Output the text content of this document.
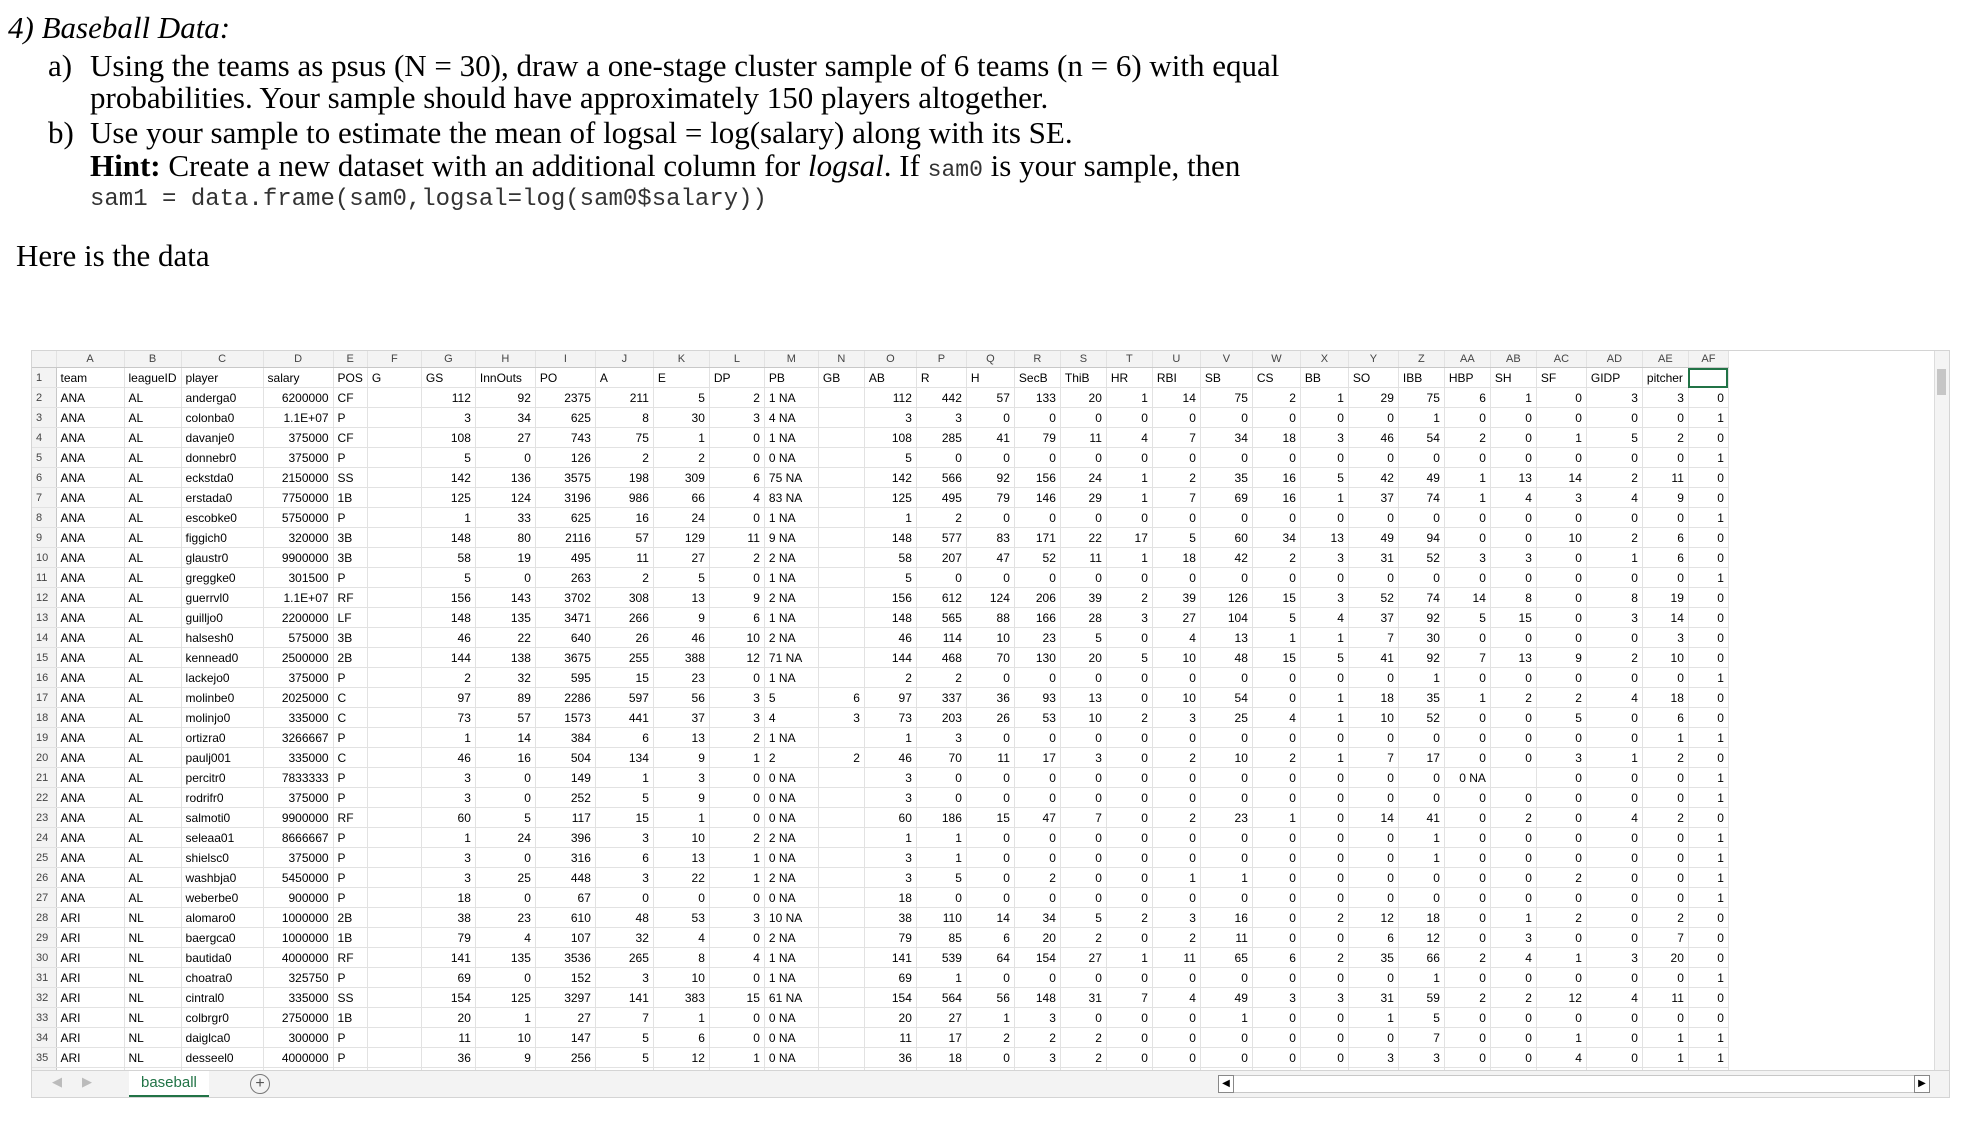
4) Baseball Data:
a) Using the teams as psus (N = 30), draw a one-stage cluster sample of 6 teams (n = 6) with equal
probabilities. Your sample should have approximately 150 players altogether.
b) Use your sample to estimate the mean of logsal = log(salary) along with its SE.
Hint: Create a new dataset with an additional column for logsal. If sam0 is your sample, then
sam1 = data.frame(sam0,logsal=log(sam0$salary))
Here is the data
	A	B	C	D	E	F	G	H	I	J	K	L	M	N	O	P	Q	R	S	T	U	V	W	X	Y	Z	AA	AB	AC	AD	AE	AF
1	team	leagueID	player	salary	POS	G	GS	InnOuts	PO	A	E	DP	PB	GB	AB	R	H	SecB	ThiB	HR	RBI	SB	CS	BB	SO	IBB	HBP	SH	SF	GIDP	pitcher	
2	ANA	AL	anderga0	6200000	CF		112	92	2375	211	5	2	1 NA		112	442	57	133	20	1	14	75	2	1	29	75	6	1	0	3	3	0
3	ANA	AL	colonba0	1.1E+07	P		3	34	625	8	30	3	4 NA		3	3	0	0	0	0	0	0	0	0	0	1	0	0	0	0	0	1
4	ANA	AL	davanje0	375000	CF		108	27	743	75	1	0	1 NA		108	285	41	79	11	4	7	34	18	3	46	54	2	0	1	5	2	0
5	ANA	AL	donnebr0	375000	P		5	0	126	2	2	0	0 NA		5	0	0	0	0	0	0	0	0	0	0	0	0	0	0	0	0	1
6	ANA	AL	eckstda0	2150000	SS		142	136	3575	198	309	6	75 NA		142	566	92	156	24	1	2	35	16	5	42	49	1	13	14	2	11	0
7	ANA	AL	erstada0	7750000	1B		125	124	3196	986	66	4	83 NA		125	495	79	146	29	1	7	69	16	1	37	74	1	4	3	4	9	0
8	ANA	AL	escobke0	5750000	P		1	33	625	16	24	0	1 NA		1	2	0	0	0	0	0	0	0	0	0	0	0	0	0	0	0	1
9	ANA	AL	figgich0	320000	3B		148	80	2116	57	129	11	9 NA		148	577	83	171	22	17	5	60	34	13	49	94	0	0	10	2	6	0
10	ANA	AL	glaustr0	9900000	3B		58	19	495	11	27	2	2 NA		58	207	47	52	11	1	18	42	2	3	31	52	3	3	0	1	6	0
11	ANA	AL	greggke0	301500	P		5	0	263	2	5	0	1 NA		5	0	0	0	0	0	0	0	0	0	0	0	0	0	0	0	0	1
12	ANA	AL	guerrvl0	1.1E+07	RF		156	143	3702	308	13	9	2 NA		156	612	124	206	39	2	39	126	15	3	52	74	14	8	0	8	19	0
13	ANA	AL	guilljo0	2200000	LF		148	135	3471	266	9	6	1 NA		148	565	88	166	28	3	27	104	5	4	37	92	5	15	0	3	14	0
14	ANA	AL	halsesh0	575000	3B		46	22	640	26	46	10	2 NA		46	114	10	23	5	0	4	13	1	1	7	30	0	0	0	0	3	0
15	ANA	AL	kennead0	2500000	2B		144	138	3675	255	388	12	71 NA		144	468	70	130	20	5	10	48	15	5	41	92	7	13	9	2	10	0
16	ANA	AL	lackejo0	375000	P		2	32	595	15	23	0	1 NA		2	2	0	0	0	0	0	0	0	0	0	1	0	0	0	0	0	1
17	ANA	AL	molinbe0	2025000	C		97	89	2286	597	56	3	5	6	97	337	36	93	13	0	10	54	0	1	18	35	1	2	2	4	18	0
18	ANA	AL	molinjo0	335000	C		73	57	1573	441	37	3	4	3	73	203	26	53	10	2	3	25	4	1	10	52	0	0	5	0	6	0
19	ANA	AL	ortizra0	3266667	P		1	14	384	6	13	2	1 NA		1	3	0	0	0	0	0	0	0	0	0	0	0	0	0	0	1	1
20	ANA	AL	paulj001	335000	C		46	16	504	134	9	1	2	2	46	70	11	17	3	0	2	10	2	1	7	17	0	0	3	1	2	0
21	ANA	AL	percitr0	7833333	P		3	0	149	1	3	0	0 NA		3	0	0	0	0	0	0	0	0	0	0	0	0 NA		0	0	0	1
22	ANA	AL	rodrifr0	375000	P		3	0	252	5	9	0	0 NA		3	0	0	0	0	0	0	0	0	0	0	0	0	0	0	0	0	1
23	ANA	AL	salmoti0	9900000	RF		60	5	117	15	1	0	0 NA		60	186	15	47	7	0	2	23	1	0	14	41	0	2	0	4	2	0
24	ANA	AL	seleaa01	8666667	P		1	24	396	3	10	2	2 NA		1	1	0	0	0	0	0	0	0	0	0	1	0	0	0	0	0	1
25	ANA	AL	shielsc0	375000	P		3	0	316	6	13	1	0 NA		3	1	0	0	0	0	0	0	0	0	0	1	0	0	0	0	0	1
26	ANA	AL	washbja0	5450000	P		3	25	448	3	22	1	2 NA		3	5	0	2	0	0	1	1	0	0	0	0	0	0	2	0	0	1
27	ANA	AL	weberbe0	900000	P		18	0	67	0	0	0	0 NA		18	0	0	0	0	0	0	0	0	0	0	0	0	0	0	0	0	1
28	ARI	NL	alomaro0	1000000	2B		38	23	610	48	53	3	10 NA		38	110	14	34	5	2	3	16	0	2	12	18	0	1	2	0	2	0
29	ARI	NL	baergca0	1000000	1B		79	4	107	32	4	0	2 NA		79	85	6	20	2	0	2	11	0	0	6	12	0	3	0	0	7	0
30	ARI	NL	bautida0	4000000	RF		141	135	3536	265	8	4	1 NA		141	539	64	154	27	1	11	65	6	2	35	66	2	4	1	3	20	0
31	ARI	NL	choatra0	325750	P		69	0	152	3	10	0	1 NA		69	1	0	0	0	0	0	0	0	0	0	1	0	0	0	0	0	1
32	ARI	NL	cintral0	335000	SS		154	125	3297	141	383	15	61 NA		154	564	56	148	31	7	4	49	3	3	31	59	2	2	12	4	11	0
33	ARI	NL	colbrgr0	2750000	1B		20	1	27	7	1	0	0 NA		20	27	1	3	0	0	0	1	0	0	1	5	0	0	0	0	0	0
34	ARI	NL	daiglca0	300000	P		11	10	147	5	6	0	0 NA		11	17	2	2	2	0	0	0	0	0	0	7	0	0	1	0	1	1
35	ARI	NL	desseel0	4000000	P		36	9	256	5	12	1	0 NA		36	18	0	3	2	0	0	0	0	0	3	3	0	0	4	0	1	1

◀ ▶	baseball	+	◀	▶
